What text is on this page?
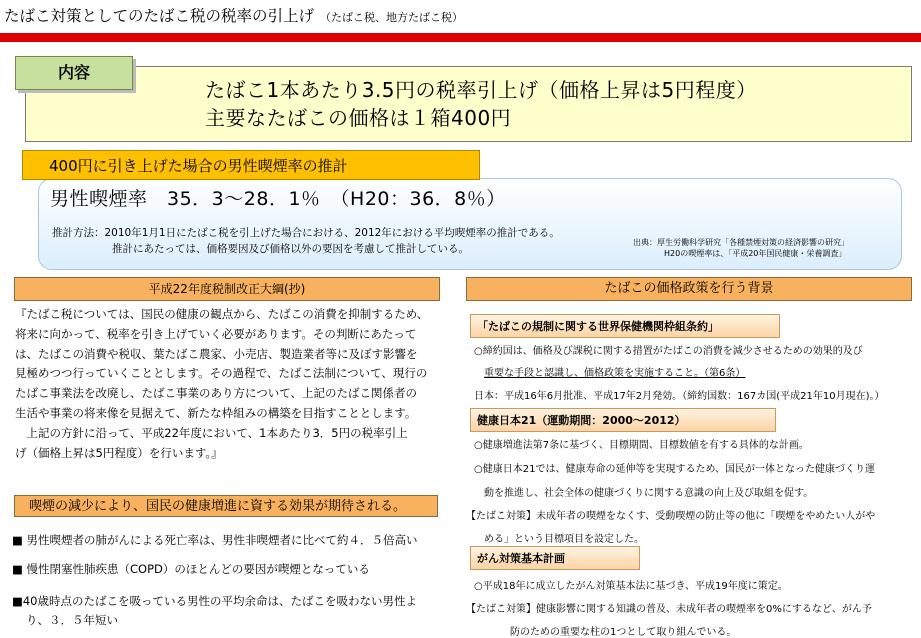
たばこ対策としてのたばこ税の税率の引上げ （たばこ税、地方たばこ税）
内容
たばこ1本あたり3.5円の税率引上げ（価格上昇は5円程度）
主要なたばこの価格は１箱400円
400円に引き上げた場合の男性喫煙率の推計
男性喫煙率　35．3～28．1％　（H20：36．8％）
推計方法：2010年1月1日にたばこ税を引上げた場合における、2012年における平均喫煙率の推計である。
推計にあたっては、価格要因及び価格以外の要因を考慮して推計している。
出典：厚生労働科学研究「各種禁煙対策の経済影響の研究」
H20の喫煙率は、「平成20年国民健康・栄養調査」
平成22年度税制改正大綱(抄)

『たばこ税については、国民の健康の観点から、たばこの消費を抑制するため、

将来に向かって、税率を引き上げていく必要があります。その判断にあたって

は、たばこの消費や税収、葉たばこ農家、小売店、製造業者等に及ぼす影響を

見極めつつ行っていくこととします。その過程で、たばこ法制について、現行の

たばこ事業法を改廃し、たばこ事業のあり方について、上記のたばこ関係者の

生活や事業の将来像を見据えて、新たな枠組みの構築を目指すこととします。

　上記の方針に沿って、平成22年度において、1本あたり3．5円の税率引上

げ（価格上昇は5円程度）を行います。』

喫煙の減少により、国民の健康増進に資する効果が期待される。
■ 男性喫煙者の肺がんによる死亡率は、男性非喫煙者に比べて約４．５倍高い
■ 慢性閉塞性肺疾患（COPD）のほとんどの要因が喫煙となっている
■40歳時点のたばこを吸っている男性の平均余命は、たばこを吸わない男性よ
り、３．５年短い
たばこの価格政策を行う背景
「たばこの規制に関する世界保健機関枠組条約」
○締約国は、価格及び課税に関する措置がたばこの消費を減少させるための効果的及び
重要な手段と認識し、価格政策を実施すること。（第6条）
日本：平成16年6月批准、平成17年2月発効。（締約国数：167カ国(平成21年10月現在)。）
健康日本21（運動期間：2000～2012）
○健康増進法第7条に基づく、目標期間、目標数値を有する具体的な計画。
○健康日本21では、健康寿命の延伸等を実現するため、国民が一体となった健康づくり運
動を推進し、社会全体の健康づくりに関する意識の向上及び取組を促す。
【たばこ対策】未成年者の喫煙をなくす、受動喫煙の防止等の他に「喫煙をやめたい人がや
める」という目標項目を設定した。
がん対策基本計画
○平成18年に成立したがん対策基本法に基づき、平成19年度に策定。
【たばこ対策】健康影響に関する知識の普及、未成年者の喫煙率を0%にするなど、がん予
防のための重要な柱の1つとして取り組んでいる。
